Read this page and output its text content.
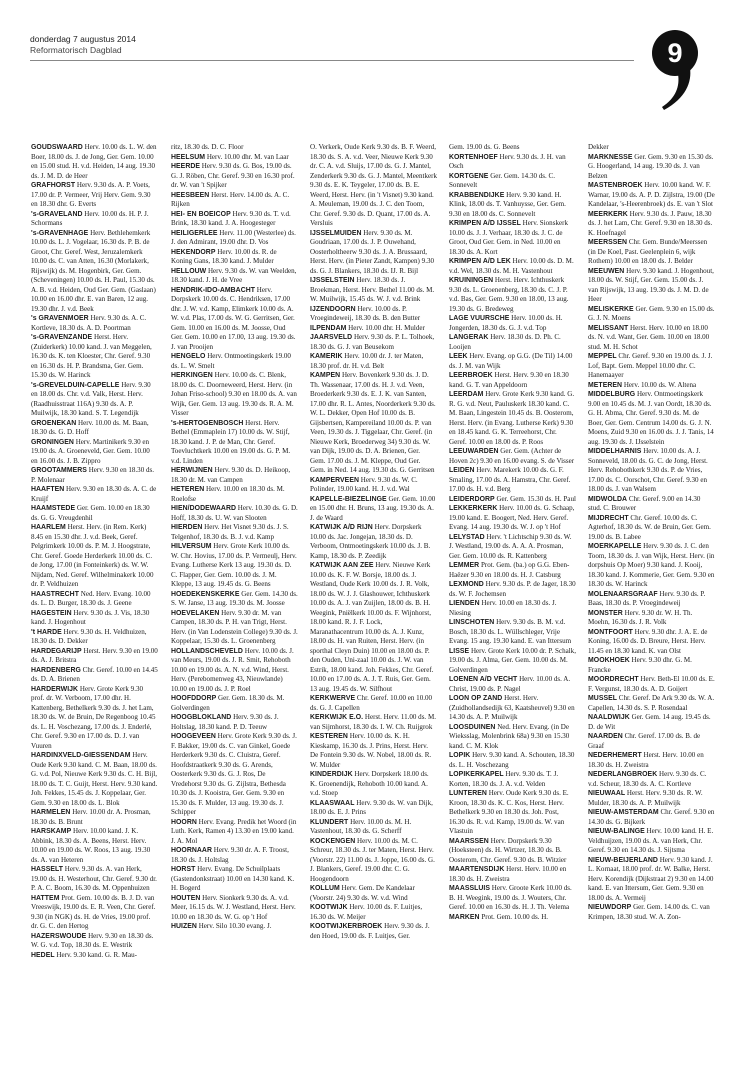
donderdag 7 augustus 2014
Reformatorisch Dagblad	9

GOUDSWAARD Herv. 10.00 ds. L. W. den Boer, 18.00 ds. J. de Jong, Ger. Gem. 10.00 en 15.00 stud. H. v.d. Heiden, 14 aug. 19.30 ds. J. M. D. de Heer

GRAFHORST Herv. 9.30 ds. A. P. Voets, 17.00 dr. P. Vermeer, Vrij Herv. Gem. 9.30 en 18.30 dhr. G. Everts

's-GRAVELAND Herv. 10.00 ds. H. P. J. Schormans

's-GRAVENHAGE Herv. Bethlehemkerk 10.00 ds. L. J. Vogelaar, 16.30 ds. P. B. de Groot, Chr. Geref. West, Jeruzalemkerk 10.00 ds. C. van Atten, 16.30 (Morlakerk, Rijswijk) ds. M. Hogenbirk, Ger. Gem. (Scheveningen) 10.00 ds. H. Paul, 15.30 ds. A. B. v.d. Heiden, Oud Ger. Gem. (Gaslaan) 10.00 en 16.00 dhr. E. van Baren, 12 aug. 19.30 dhr. J. v.d. Beek

's GRAVENMOER Herv. 9.30 ds. A. C. Kortleve, 18.30 ds. A. D. Poortman

's-GRAVENZANDE Herst. Herv. (Zuiderkerk) 10.00 kand. J. van Meggelen, 16.30 ds. K. ten Kloester, Chr. Geref. 9.30 en 16.30 ds. H. P. Brandsma, Ger. Gem. 15.30 ds. W. Harinck

's-GREVELDUIN-CAPELLE Herv. 9.30 en 18.00 ds. Chr. v.d. Valk, Herst. Herv. (Raadhuisstraat 116A) 9.30 ds. A. P. Muilwijk, 18.30 kand. S. T. Legendijk

GROENEKAN Herv. 10.00 ds. M. Baan, 18.30 ds. G. D. Hoff

GRONINGEN Herv. Martinikerk 9.30 en 19.00 ds. A. Groeneveld, Ger. Gem. 10.00 en 16.00 ds. J. B. Zippro

GROOTAMMERS Herv. 9.30 en 18.30 ds. P. Molenaar

HAAFTEN Herv. 9.30 en 18.30 ds. A. C. de Kruijf

HAAMSTEDE Ger. Gem. 10.00 en 18.30 ds. G. G. Vreugdenhil

HAARLEM Herst. Herv. (in Rem. Kerk) 8.45 en 15.30 dhr. J. v.d. Beek, Geref. Pelgrimkerk 10.00 ds. P. M. J. Hoogstrate, Chr. Geref. Goede Herderkerk 10.00 ds. C. de Jong, 17.00 (in Fonteinkerk) ds. W. W. Nijdam, Ned. Geref. Wilhelminakerk 10.00 dr. P. Veldhuizen

HAASTRECHT Ned. Herv. Evang. 10.00 ds. L. D. Burger, 18.30 ds. J. Geene

HAGESTEIN Herv. 9.30 ds. J. Vis, 18.30 kand. J. Hogenhout

't HARDE Herv. 9.30 ds. H. Veldhuizen, 18.30 ds. D. Dekker

HARDEGARIJP Herst. Herv. 9.30 en 19.00 ds. A. J. Britstra

HARDENBERG Chr. Geref. 10.00 en 14.45 ds. D. A. Brienen

HARDERWIJK Herv. Grote Kerk 9.30 prof. dr. W. Verboom, 17.00 dhr. H. Kattenberg, Bethelkerk 9.30 ds. J. het Lam, 18.30 ds. W. de Bruin, De Regenboog 10.45 ds. L. H. Voschezang, 17.00 ds. J. Enderlé, Chr. Geref. 9.30 en 17.00 ds. D. J. van Vuuren

HARDINXVELD-GIESSENDAM Herv. Oude Kerk 9.30 kand. C. M. Baan, 18.00 ds. G. v.d. Pol, Nieuwe Kerk 9.30 ds. C. H. Bijl, 18.00 ds. T. C. Guijt, Herst. Herv. 9.30 kand. Joh. Fekkes, 15.45 ds. J. Koppelaar, Ger. Gem. 9.30 en 18.00 ds. L. Blok

HARMELEN Herv. 10.00 dr. A. Prosman, 18.30 ds. B. Brunt

HARSKAMP Herv. 10.00 kand. J. K. Abbink, 18.30 ds. A. Beens, Herst. Herv. 10.00 en 19.00 ds. W. Roos, 13 aug. 19.30 ds. A. van Heteren

HASSELT Herv. 9.30 ds. A. van Herk, 19.00 ds. H. Westerhout, Chr. Geref. 9.30 dr. P. A. C. Boom, 16.30 ds. M. Oppenhuizen

HATTEM Prot. Gem. 10.00 ds. B. J. D. van Vreeswijk, 19.00 ds. E. R. Veen, Chr. Geref. 9.30 (in NGK) ds. H. de Vries, 19.00 prof. dr. G. C. den Hertog

HAZERSWOUDE Herv. 9.30 en 18.30 ds. W. G. v.d. Top, 18.30 ds. E. Westrik

HEDEL Herv. 9.30 kand. G. R. Mau-

ritz, 18.30 ds. D. C. Floor

HEELSUM Herv. 10.00 dhr. M. van Laar

HEERDE Herv. 9.30 ds. G. Bos, 19.00 ds. G. J. Röben, Chr. Geref. 9.30 en 16.30 prof. dr. W. van 't Spijker

HEESBEEN Herst. Herv. 14.00 ds. A. C. Rijken

HEI- EN BOEICOP Herv. 9.30 ds. T. v.d. Brink, 18.30 kand. J. A. Hoogesteger

HEILIGERLEE Herv. 11.00 (Westerlee) ds. J. den Admirant, 19.00 dhr. D. Vos

HEKENDORP Herv. 10.00 ds. R. de Koning Gans, 18.30 kand. J. Mulder

HELLOUW Herv. 9.30 ds. W. van Weelden, 18.30 kand. J. H. de Vree

HENDRIK-IDO-AMBACHT Herv. Dorpskerk 10.00 ds. C. Hendriksen, 17.00 dhr. J. W. v.d. Kamp, Elimkerk 10.00 ds. A. W. v.d. Plas, 17.00 ds. W. G. Gerritsen, Ger. Gem. 10.00 en 16.00 ds. M. Joosse, Oud Ger. Gem. 10.00 en 17.00, 13 aug. 19.30 ds. J. van Prooijen

HENGELO Herv. Ontmoetingskerk 19.00 ds. L. W. Smelt

HERKINGEN Herv. 10.00 ds. C. Blenk, 18.00 ds. C. Doorneweerd, Herst. Herv. (in Johan Friso-school) 9.30 en 18.00 ds. A. van Wijk, Ger. Gem. 13 aug. 19.30 ds. R. A. M. Visser

's-HERTOGENBOSCH Herst. Herv. Bethel (Emmaplein 17) 10.00 ds. W. Stijf, 18.30 kand. J. P. de Man, Chr. Geref. Toevluchtkerk 10.00 en 19.00 ds. G. P. M. v.d. Linden

HERWIJNEN Herv. 9.30 ds. D. Heikoop, 18.30 dr. M. van Campen

HETEREN Herv. 10.00 en 18.30 ds. M. Roelofse

HIEN/DODEWAARD Herv. 10.30 ds. G. D. Hoff, 18.30 ds. U. W. van Slooten

HIERDEN Herv. Het Visnet 9.30 ds. J. S. Telgenhof, 18.30 ds. B. J. v.d. Kamp

HILVERSUM Herv. Grote Kerk 10.00 ds. W. Chr. Hovius, 17.00 ds. P. Vermeulj, Herv. Evang. Lutherse Kerk 13 aug. 19.30 ds. D. C. Flapper, Ger. Gem. 10.00 ds. J. M. Kleppe, 13 aug. 19.45 ds. G. Beens

HOEDEKENSKERKE Ger. Gem. 14.30 ds. S. W. Janse, 13 aug. 19.30 ds. M. Joosse

HOEVELAKEN Herv. 9.30 dr. M. van Campen, 18.30 ds. P. H. van Trigt, Herst. Herv. (in Van Lodenstein College) 9.30 ds. J. Koppelaar, 15.30 ds. L. Groenenberg

HOLLANDSCHEVELD Herv. 10.00 ds. J. van Meurs, 19.00 ds. J. R. Smit, Rehoboth 10.00 en 19.00 ds. A. N. v.d. Wind, Herst. Herv. (Perebomenweg 43, Nieuwlande) 10.00 en 19.00 ds. J. P. Roel

HOOFDDORP Ger. Gem. 18.30 ds. M. Golverdingen

HOOGBLOKLAND Herv. 9.30 ds. J. Holtslag, 18.30 kand. P. D. Teeuw

HOOGEVEEN Herv. Grote Kerk 9.30 ds. J. F. Bakker, 19.00 ds. C. van Ginkel, Goede Herderkerk 9.30 ds. C. Cluistra, Geref. Hoofdstraatkerk 9.30 ds. G. Arends, Oosterkerk 9.30 ds. G. J. Ros, De Vredehorst 9.30 ds. G. Zijlstra, Bethesda 10.30 ds. J. Kooistra, Ger. Gem. 9.30 en 15.30 ds. F. Mulder, 13 aug. 19.30 ds. J. Schipper

HOORN Herv. Evang. Predik het Woord (in Luth. Kerk, Ramen 4) 13.30 en 19.00 kand. J. A. Mol

HOORNAAR Herv. 9.30 dr. A. F. Troost, 18.30 ds. J. Holtslag

HORST Herv. Evang. De Schuilplaats (Gastendonkstraat) 10.00 en 14.30 kand. K. H. Bogerd

HOUTEN Herv. Sionkerk 9.30 ds. A. v.d. Meer, 16.15 ds. W. J. Westland, Herst. Herv. 10.00 en 18.30 ds. W. G. op 't Hof

HUIZEN Herv. Silo 10.30 evang. J.

O. Verkerk, Oude Kerk 9.30 ds. B. F. Weerd, 18.30 ds. S. A. v.d. Veer, Nieuwe Kerk 9.30 dr. C. A. v.d. Sluijs, 17.00 ds. G. J. Mantel, Zenderkerk 9.30 ds. G. J. Mantel, Meentkerk 9.30 ds. E. K. Teygeler, 17.00 ds. B. E. Weerd, Herst. Herv. (in 't Visnet) 9.30 kand. A. Meuleman, 19.00 ds. J. C. den Toom, Chr. Geref. 9.30 ds. D. Quant, 17.00 ds. A. Versluis

IJSSELMUIDEN Herv. 9.30 ds. M. Goudriaan, 17.00 ds. J. P. Ouwehand, Oosterholtheerw 9.30 ds. J. A. Brussaard, Herst. Herv. (in Pieter Zandt, Kampen) 9.30 ds. G. J. Blankers, 18.30 ds. IJ. R. Bijl

IJSSELSTEIN Herv. 18.30 ds. J. Broekman, Herst. Herv. Bethel 11.00 ds. M. W. Muilwijk, 15.45 ds. W. J. v.d. Brink

IJZENDOORN Herv. 10.00 ds. P. Vroegindeweij, 18.30 ds. B. den Butter

ILPENDAM Herv. 10.00 dhr. H. Mulder

JAARSVELD Herv. 9.30 ds. P. L. Tolhoek, 18.30 ds. G. J. van Beusekom

KAMERIK Herv. 10.00 dr. J. ter Maten, 18.30 prof. dr. H. v.d. Belt

KAMPEN Herv. Bovenkerk 9.30 ds. J. D. Th. Wassenaar, 17.00 ds. H. J. v.d. Veen, Broederkerk 9.30 ds. E. J. K. van Santen, 17.00 dhr. R. L. Antes, Noorderkerk 9.30 ds. W. L. Dekker, Open Hof 10.00 ds. B. Gijsbertsen, Kampereiland 10.00 ds. P. van Veen, 19.30 ds. J. Tiggelaar, Chr. Geref. (in Nieuwe Kerk, Broederweg 34) 9.30 ds. W. van Dijk, 19.00 ds. D. A. Brienen, Ger. Gem. 17.00 ds. J. M. Kleppe, Oud Ger. Gem. in Ned. 14 aug. 19.30 ds. G. Gerritsen

KAMPERVEEN Herv. 9.30 ds. W. C. Polinder, 19.00 kand. H. J. v.d. Wal

KAPELLE-BIEZELINGE Ger. Gem. 10.00 en 15.00 dhr. H. Bruns, 13 aug. 19.30 ds. A. J. de Waard

KATWIJK A/D RIJN Herv. Dorpskerk 10.00 ds. Jac. Jongejan, 18.30 ds. D. Verboom, Ontmoetingskerk 10.00 ds. J. B. Kamp, 18.30 ds. P. Zeedijk

KATWIJK AAN ZEE Herv. Nieuwe Kerk 10.00 ds. K. F. W. Borsje, 18.00 ds. J. Westland, Oude Kerk 10.00 ds. J. R. Volk, 18.00 ds. W. J. J. Glashouwer, Ichthuskerk 10.00 ds. A. J. van Zuijlen, 18.00 ds. B. H. Weegink, Pniëlkerk 10.00 ds. F. Wijnhorst, 18.00 kand. R. J. F. Lock, Maranathacentrum 10.00 ds. A. J. Kunz, 18.00 ds. H. van Ruiten, Herst. Herv. (in sporthal Cleyn Duin) 10.00 en 18.00 ds. P. den Ouden, Uni-zaal 10.00 ds. J. W. van Estrik, 18.00 kand. Joh. Fekkes, Chr. Geref. 10.00 en 17.00 ds. A. J. T. Ruis, Ger. Gem. 13 aug. 19.45 ds. W. Silfhout

KERKWERVE Chr. Geref. 10.00 en 10.00 ds. G. J. Capellen

KERKWIJK E.O. Herst. Herv. 11.00 ds. M. van Sijmhorst, 18.30 ds. I. W. Ch. Ruijgrok

KESTEREN Herv. 10.00 ds. K. H. Kieskamp, 16.30 ds. J. Prins, Herst. Herv. De Fontein 9.30 ds. W. Nobel, 18.00 ds. R. W. Mulder

KINDERDIJK Herv. Dorpskerk 18.00 ds. K. Groenendijk, Rehoboth 10.00 kand. A. v.d. Stoep

KLAASWAAL Herv. 9.30 ds. W. van Dijk, 18.00 ds. E. J. Prins

KLUNDERT Herv. 10.00 ds. M. H. Vastenhout, 18.30 ds. G. Scherff

KOCKENGEN Herv. 10.00 ds. M. C. Schreur, 18.30 ds. J. ter Maten, Herst. Herv. (Voorstr. 22) 11.00 ds. J. Joppe, 16.00 ds. G. J. Blankers, Geref. 19.00 dhr. C. G. Hoogendoorn

KOLLUM Herv. Gem. De Kandelaar (Voorstr. 24) 9.30 ds. W. v.d. Wind

KOOTWIJK Herv. 10.00 ds. F. Luitjes, 16.30 ds. W. Meijer

KOOTWIJKERBROEK Herv. 9.30 ds. J. den Hoed, 19.00 ds. F. Luitjes, Ger.

Gem. 19.00 ds. G. Beens

KORTENHOEF Herv. 9.30 ds. J. H. van Osch

KORTGENE Ger. Gem. 14.30 ds. C. Sonnevelt

KRABBENDIJKE Herv. 9.30 kand. H. Klink, 18.00 ds. T. Vanhuysse, Ger. Gem. 9.30 en 18.00 ds. C. Sonnevelt

KRIMPEN A/D IJSSEL Herv. Sionskerk 10.00 ds. J. J. Verhaar, 18.30 ds. J. C. de Groot, Oud Ger. Gem. in Ned. 10.00 en 18.30 ds. A. Kort

KRIMPEN A/D LEK Herv. 10.00 ds. D. M. v.d. Wel, 18.30 ds. M. H. Vastenhout

KRUININGEN Herst. Herv. Ichthuskerk 9.30 ds. L. Groenenberg, 18.30 ds. C. J. P. v.d. Bas, Ger. Gem. 9.30 en 18.00, 13 aug. 19.30 ds. G. Bredeweg

LAGE VUURSCHE Herv. 10.00 ds. H. Jongerden, 18.30 ds. G. J. v.d. Top

LANGERAK Herv. 18.30 ds. D. Ph. C. Looijen

LEEK Herv. Evang. op G.G. (De Til) 14.00 ds. J. M. van Wijk

LEERBROEK Herst. Herv. 9.30 en 18.30 kand. G. T. van Appeldoorn

LEERDAM Herv. Grote Kerk 9.30 kand. G. R. G. v.d. Neut, Pauluskerk 18.30 kand. C. M. Baan, Lingestein 10.45 ds. B. Oosterom, Herst. Herv. (in Evang. Lutherse Kerk) 9.30 en 18.45 kand. G. K. Terreehorst, Chr. Geref. 10.00 en 18.00 ds. P. Roos

LEEUWARDEN Ger. Gem. (Achter de Hoven 2c) 9.30 en 16.00 evang. S. de Visser

LEIDEN Herv. Marekerk 10.00 ds. G. F. Smaling, 17.00 ds. A. Hamstra, Chr. Geref. 17.00 ds. H. v.d. Berg

LEIDERDORP Ger. Gem. 15.30 ds. H. Paul

LEKKERKERK Herv. 10.00 ds. G. Schaap, 19.00 kand. E. Boogert, Ned. Herv. Geref. Evang. 14 aug. 19.30 ds. W. J. op 't Hof

LELYSTAD Herv. 't Lichtschip 9.30 ds. W. J. Westland, 19.00 ds. A. A. A. Prosman, Ger. Gem. 10.00 ds. R. Kattenberg

LEMMER Prot. Gem. (ba.) op G.G. Eben-Haëzer 9.30 en 18.00 ds. H. J. Catsburg

LEXMOND Herv. 9.30 ds. P. de Jager, 18.30 ds. W. F. Jochemsen

LIENDEN Herv. 10.00 en 18.30 ds. J. Niesing

LINSCHOTEN Herv. 9.30 ds. B. M. v.d. Bosch, 18.30 ds. L. Wüllschleger, Vrije Evang. 15 aug. 19.30 kand. E. van Ittersum

LISSE Herv. Grote Kerk 10.00 dr. P. Schalk, 19.00 ds. J. Alma, Ger. Gem. 10.00 ds. M. Golverdingen

LOENEN A/D VECHT Herv. 10.00 ds. A. Christ, 19.00 ds. P. Nagel

LOON OP ZAND Herst. Herv. (Zuidhollandsedijk 63, Kaatsheuvel) 9.30 en 14.30 ds. A. P. Muilwijk

LOOSDUINEN Ned. Herv. Evang. (in De Wieksslag, Molenbrink 68a) 9.30 en 15.30 kand. C. M. Klok

LOPIK Herv. 9.30 kand. A. Schouten, 18.30 ds. L. H. Voschezang

LOPIKERKAPEL Herv. 9.30 ds. T. J. Korten, 18.30 ds. J. A. v.d. Velden

LUNTEREN Herv. Oude Kerk 9.30 ds. E. Kroon, 18.30 ds. K. C. Kos, Herst. Herv. Bethelkerk 9.30 en 18.30 ds. Joh. Post, 16.30 ds. R. v.d. Kamp, 19.00 ds. W. van Vlastuin

MAARSSEN Herv. Dorpskerk 9.30 (Hoeksteen) ds. H. Wirtzer, 18.30 ds. B. Oosterom, Chr. Geref. 9.30 ds. B. Witzier

MAARTENSDIJK Herst. Herv. 10.00 en 18.30 ds. H. Zweistra

MAASSLUIS Herv. Groote Kerk 10.00 ds. B. H. Weegink, 19.00 ds. J. Wouters, Chr. Geref. 10.00 en 16.30 ds. H. J. Th. Velema

MARKEN Prot. Gem. 10.00 ds. H.

Dekker

MARKNESSE Ger. Gem. 9.30 en 15.30 ds. G. Hoogerland, 14 aug. 19.30 ds. J. van Belzen

MASTENBROEK Herv. 10.00 kand. W. F. Warnar, 19.00 ds. A. P. D. Zijlstra, 19.00 (De Kandelaar, 's-Heerenbroek) ds. E. van 't Slot

MEERKERK Herv. 9.30 ds. J. Pauw, 18.30 ds. J. het Lam, Chr. Geref. 9.30 en 18.30 ds. K. Hoefnagel

MEERSSEN Chr. Gem. Bunde/Meerssen (in De Koel, Past. Geelenplein 6, wijk Rothem) 10.00 en 18.00 ds. J. Belder

MEEUWEN Herv. 9.30 kand. J. Hogenhout, 18.00 ds. W. Stijf, Ger. Gem. 15.00 ds. J. van Rijswijk, 13 aug. 19.30 ds. J. M. D. de Heer

MELISKERKE Ger. Gem. 9.30 en 15.00 ds. G. J. N. Moens

MELISSANT Herst. Herv. 10.00 en 18.00 ds. N. v.d. Want, Ger. Gem. 10.00 en 18.00 stud. M. H. Schot

MEPPEL Chr. Geref. 9.30 en 19.00 ds. J. J. Lof, Bapt. Gem. Meppel 10.00 dhr. C. Hanemaayer

METEREN Herv. 10.00 ds. W. Altena

MIDDELBURG Herv. Ontmoetingskerk 9.00 en 10.45 ds. M. J. van Oordt, 18.30 ds. G. H. Abma, Chr. Geref. 9.30 ds. M. de Boer, Ger. Gem. Centrum 14.00 ds. G. J. N. Moens, Zuid 9.30 en 16.00 ds. J. J. Tanis, 14 aug. 19.30 ds. J. IJsselstein

MIDDELHARNIS Herv. 10.00 ds. A. J. Sonneveld, 18.00 ds. G. C. de Jong, Herst. Herv. Rehobothkerk 9.30 ds. P. de Vries, 17.00 ds. C. Oorschot, Chr. Geref. 9.30 en 18.00 ds. J. van Walsem

MIDWOLDA Chr. Geref. 9.00 en 14.30 stud. C. Brouwer

MIJDRECHT Chr. Geref. 10.00 ds. C. Agterhof, 18.30 ds. W. de Bruin, Ger. Gem. 19.00 ds. B. Labee

MOERKAPELLE Herv. 9.30 ds. J. C. den Toom, 18.30 ds. J. van Wijk, Herst. Herv. (in dorpshuis Op Moer) 9.30 kand. J. Kooij, 18.30 kand. J. Kommerie, Ger. Gem. 9.30 en 18.30 ds. W. Harinck

MOLENAARSGRAAF Herv. 9.30 ds. P. Baas, 18.30 ds. P. Vroegindeweij

MONSTER Herv. 9.30 dr. W. H. Th. Moehn, 16.30 ds. J. R. Volk

MONTFOORT Herv. 9.30 dhr. J. A. E. de Koning, 16.00 ds. D. Breure, Herst. Herv. 11.45 en 18.30 kand. K. van Olst

MOOKHOEK Herv. 9.30 dhr. G. M. Francke

MOORDRECHT Herv. Beth-El 10.00 ds. E. F. Vergunst, 18.30 ds. A. D. Goijert

MUSSEL Chr. Geref. De Ark 9.30 ds. W. A. Capellen, 14.30 ds. S. P. Rosendaal

NAALDWIJK Ger. Gem. 14 aug. 19.45 ds. D. de Wit

NAARDEN Chr. Geref. 17.00 ds. B. de Graaf

NEDERHEMERT Herst. Herv. 10.00 en 18.30 ds. H. Zweistra

NEDERLANGBROEK Herv. 9.30 ds. C. v.d. Scheur, 18.30 ds. A. C. Kortleve

NIEUWAAL Herst. Herv. 9.30 ds. R. W. Mulder, 18.30 ds. A. P. Muilwijk

NIEUW-AMSTERDAM Chr. Geref. 9.30 en 14.30 ds. G. Bijkerk

NIEUW-BALINGE Herv. 10.00 kand. H. E. Veldhuijzen, 19.00 ds. A. van Herk, Chr. Geref. 9.30 en 14.30 ds. J. Sijtsma

NIEUW-BEIJERLAND Herv. 9.30 kand. J. L. Kornaat, 18.00 prof. dr. W. Balke, Herst. Herv. Korendijk (Dijkstraat 2) 9.30 en 14.00 kand. E. van Ittersum, Ger. Gem. 9.30 en 18.00 ds. A. Vermeij

NIEUWDORP Ger. Gem. 14.00 ds. C. van Krimpen, 18.30 stud. W. A. Zon-
